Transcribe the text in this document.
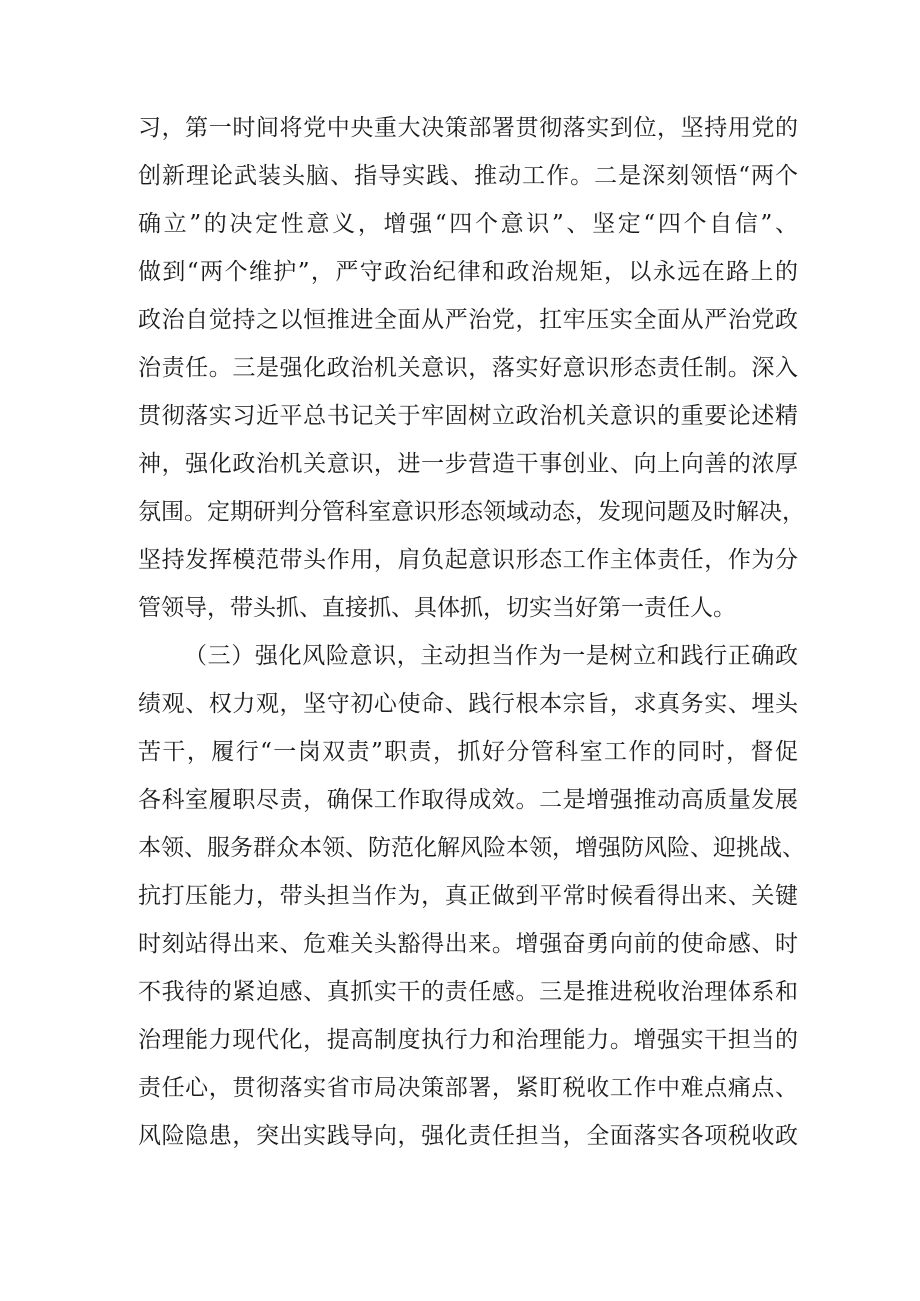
习，第一时间将党中央重大决策部署贯彻落实到位，坚持用党的
创新理论武装头脑、指导实践、推动工作。二是深刻领悟“两个
确立”的决定性意义，增强“四个意识”、坚定“四个自信”、
做到“两个维护”，严守政治纪律和政治规矩，以永远在路上的
政治自觉持之以恒推进全面从严治党，扛牢压实全面从严治党政
治责任。三是强化政治机关意识，落实好意识形态责任制。深入
贯彻落实习近平总书记关于牢固树立政治机关意识的重要论述精
神，强化政治机关意识，进一步营造干事创业、向上向善的浓厚
氛围。定期研判分管科室意识形态领域动态，发现问题及时解决，
坚持发挥模范带头作用，肩负起意识形态工作主体责任，作为分
管领导，带头抓、直接抓、具体抓，切实当好第一责任人。
（三）强化风险意识，主动担当作为一是树立和践行正确政
绩观、权力观，坚守初心使命、践行根本宗旨，求真务实、埋头
苦干，履行“一岗双责”职责，抓好分管科室工作的同时，督促
各科室履职尽责，确保工作取得成效。二是增强推动高质量发展
本领、服务群众本领、防范化解风险本领，增强防风险、迎挑战、
抗打压能力，带头担当作为，真正做到平常时候看得出来、关键
时刻站得出来、危难关头豁得出来。增强奋勇向前的使命感、时
不我待的紧迫感、真抓实干的责任感。三是推进税收治理体系和
治理能力现代化，提高制度执行力和治理能力。增强实干担当的
责任心，贯彻落实省市局决策部署，紧盯税收工作中难点痛点、
风险隐患，突出实践导向，强化责任担当，全面落实各项税收政
